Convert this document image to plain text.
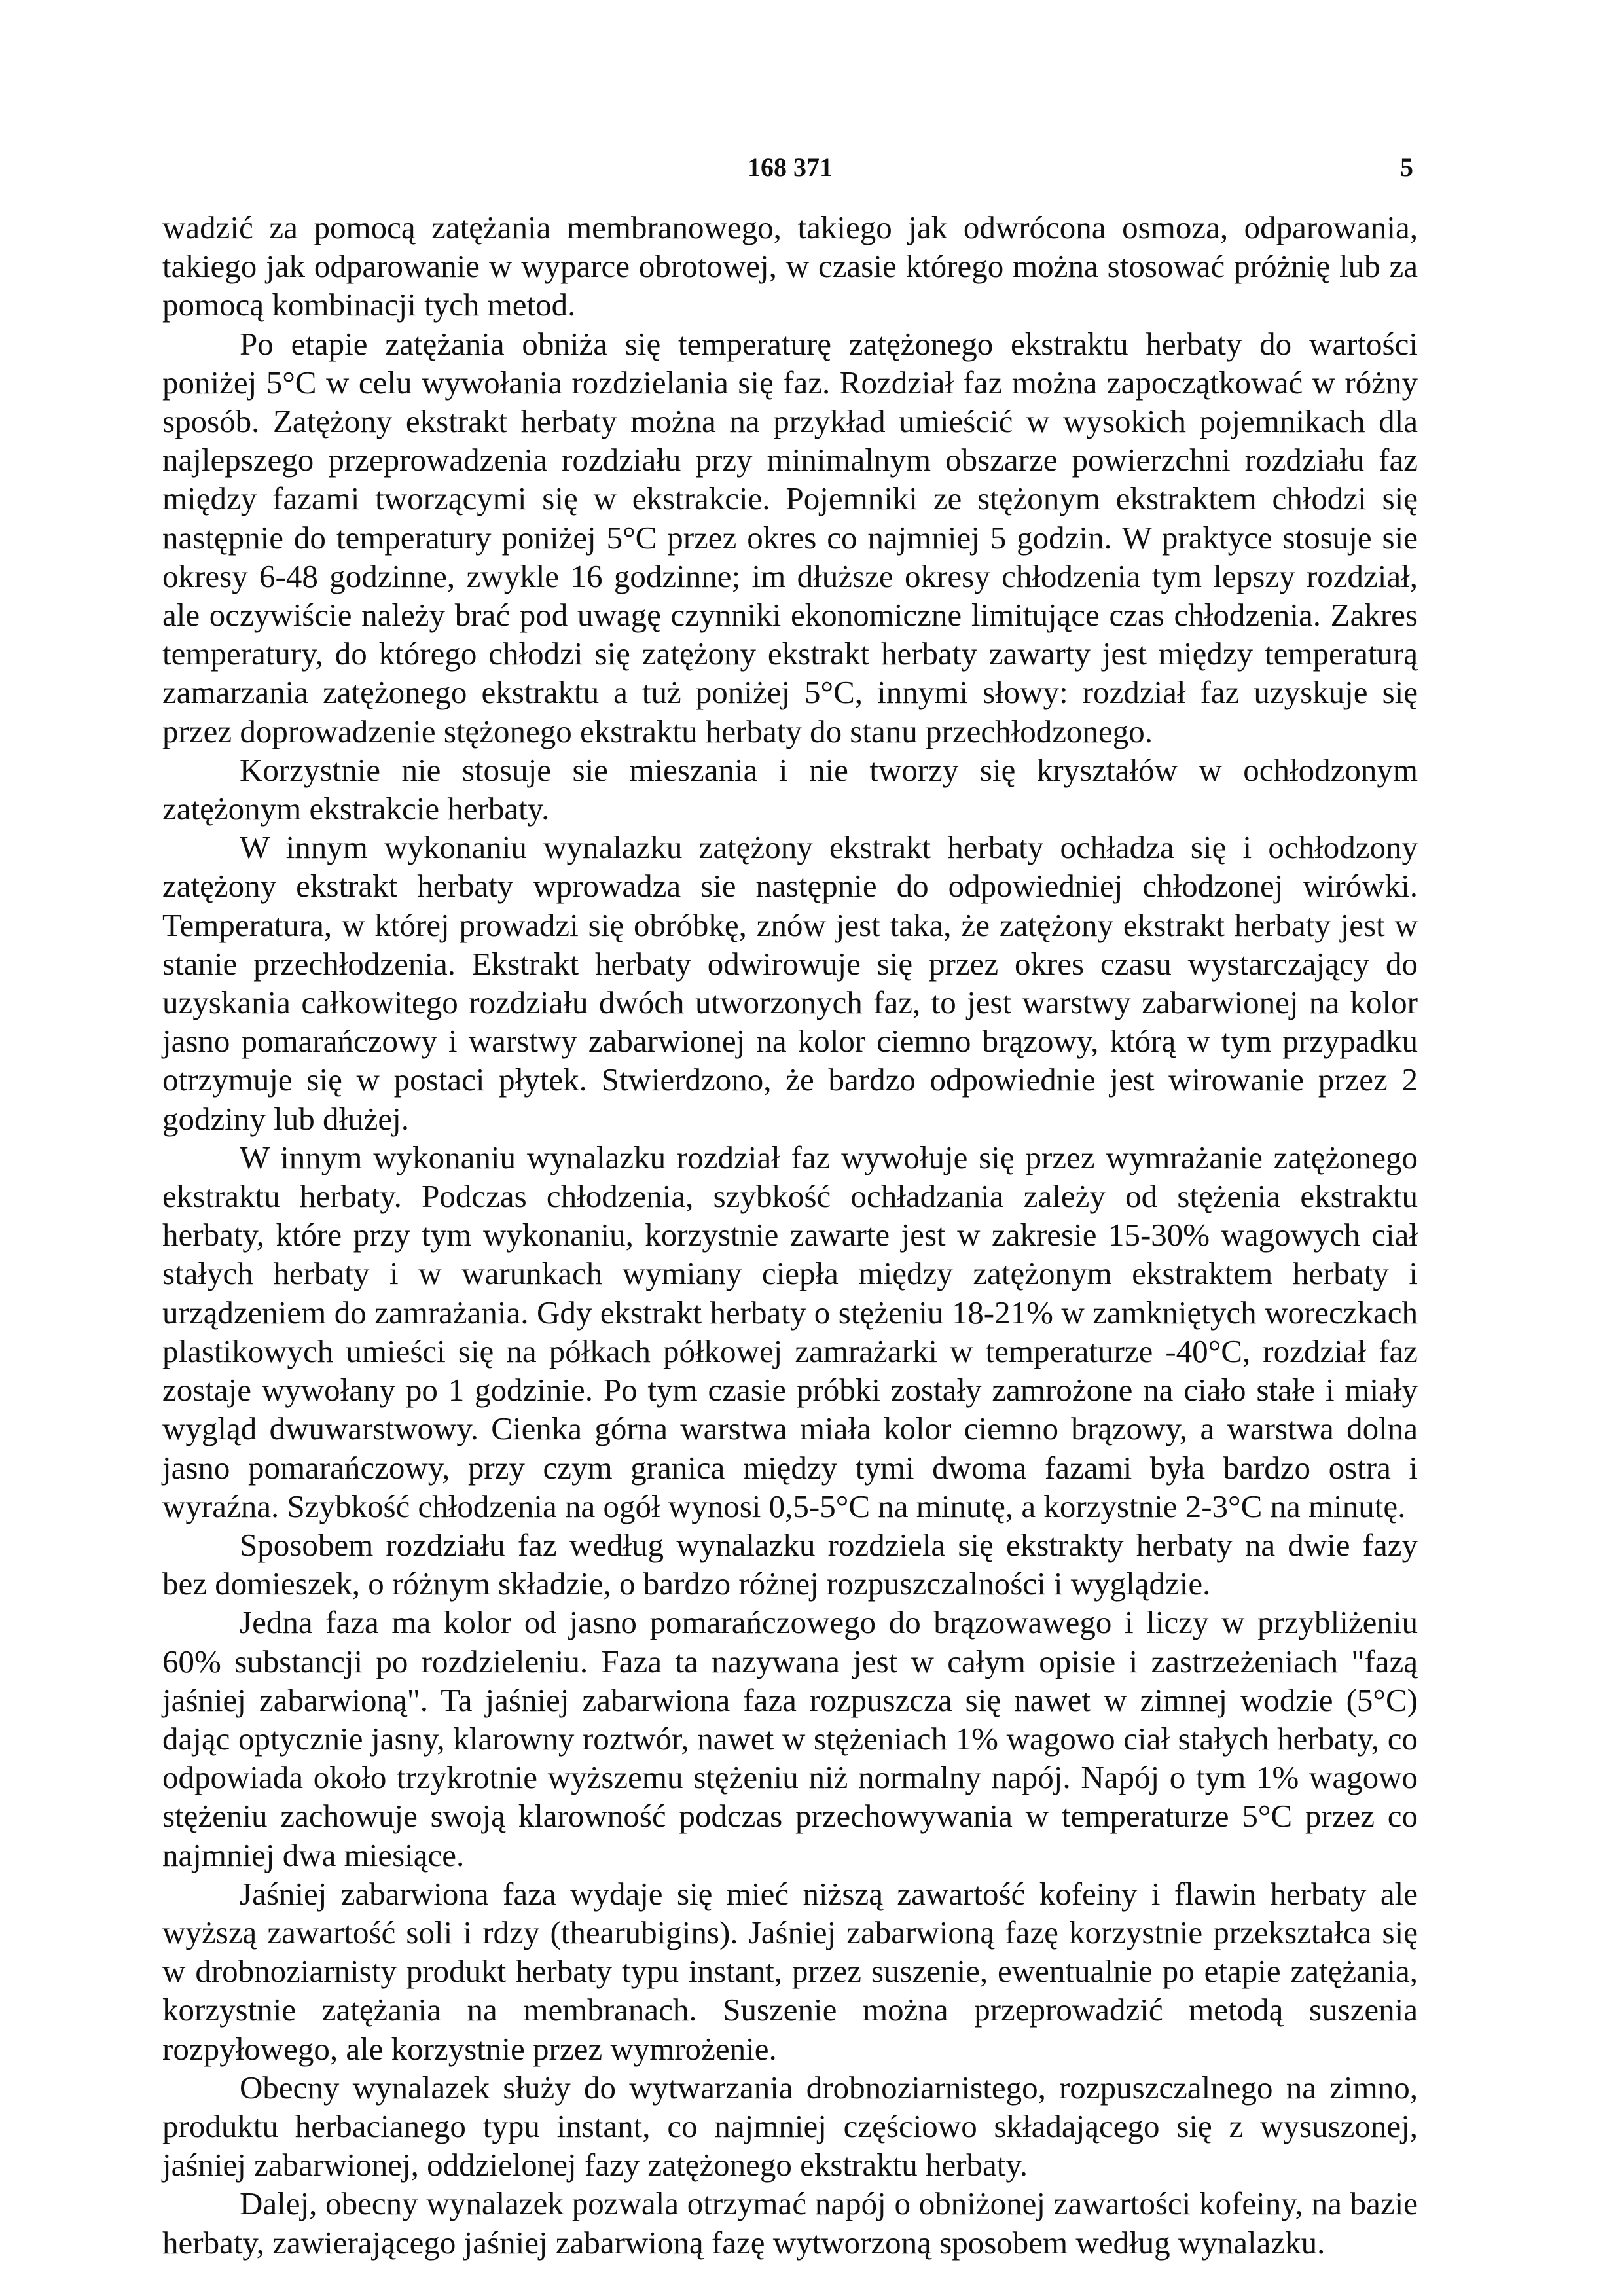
168 371	5

wadzić za pomocą zatężania membranowego, takiego jak odwrócona osmoza, odparowania, takiego jak odparowanie w wyparce obrotowej, w czasie którego można stosować próżnię lub za pomocą kombinacji tych metod.

Po etapie zatężania obniża się temperaturę zatężonego ekstraktu herbaty do wartości poniżej 5°C w celu wywołania rozdzielania się faz. Rozdział faz można zapoczątkować w różny sposób. Zatężony ekstrakt herbaty można na przykład umieścić w wysokich pojemnikach dla najlepszego przeprowadzenia rozdziału przy minimalnym obszarze powierzchni rozdziału faz między fazami tworzącymi się w ekstrakcie. Pojemniki ze stężonym ekstraktem chłodzi się następnie do temperatury poniżej 5°C przez okres co najmniej 5 godzin. W praktyce stosuje sie okresy 6-48 godzinne, zwykle 16 godzinne; im dłuższe okresy chłodzenia tym lepszy rozdział, ale oczywiście należy brać pod uwagę czynniki ekonomiczne limitujące czas chłodzenia. Zakres temperatury, do którego chłodzi się zatężony ekstrakt herbaty zawarty jest między temperaturą zamarzania zatężonego ekstraktu a tuż poniżej 5°C, innymi słowy: rozdział faz uzyskuje się przez doprowadzenie stężonego ekstraktu herbaty do stanu przechłodzonego.

Korzystnie nie stosuje sie mieszania i nie tworzy się kryształów w ochłodzonym zatężonym ekstrakcie herbaty.

W innym wykonaniu wynalazku zatężony ekstrakt herbaty ochładza się i ochłodzony zatężony ekstrakt herbaty wprowadza sie następnie do odpowiedniej chłodzonej wirówki. Temperatura, w której prowadzi się obróbkę, znów jest taka, że zatężony ekstrakt herbaty jest w stanie przechłodzenia. Ekstrakt herbaty odwirowuje się przez okres czasu wystarczający do uzyskania całkowitego rozdziału dwóch utworzonych faz, to jest warstwy zabarwionej na kolor jasno pomarańczowy i warstwy zabarwionej na kolor ciemno brązowy, którą w tym przypadku otrzymuje się w postaci płytek. Stwierdzono, że bardzo odpowiednie jest wirowanie przez 2 godziny lub dłużej.

W innym wykonaniu wynalazku rozdział faz wywołuje się przez wymrażanie zatężonego ekstraktu herbaty. Podczas chłodzenia, szybkość ochładzania zależy od stężenia ekstraktu herbaty, które przy tym wykonaniu, korzystnie zawarte jest w zakresie 15-30% wagowych ciał stałych herbaty i w warunkach wymiany ciepła między zatężonym ekstraktem herbaty i urządzeniem do zamrażania. Gdy ekstrakt herbaty o stężeniu 18-21% w zamkniętych woreczkach plastikowych umieści się na półkach półkowej zamrażarki w temperaturze -40°C, rozdział faz zostaje wywołany po 1 godzinie. Po tym czasie próbki zostały zamrożone na ciało stałe i miały wygląd dwuwarstwowy. Cienka górna warstwa miała kolor ciemno brązowy, a warstwa dolna jasno pomarańczowy, przy czym granica między tymi dwoma fazami była bardzo ostra i wyraźna. Szybkość chłodzenia na ogół wynosi 0,5-5°C na minutę, a korzystnie 2-3°C na minutę.

Sposobem rozdziału faz według wynalazku rozdziela się ekstrakty herbaty na dwie fazy bez domieszek, o różnym składzie, o bardzo różnej rozpuszczalności i wyglądzie.

Jedna faza ma kolor od jasno pomarańczowego do brązowawego i liczy w przybliżeniu 60% substancji po rozdzieleniu. Faza ta nazywana jest w całym opisie i zastrzeżeniach "fazą jaśniej zabarwioną". Ta jaśniej zabarwiona faza rozpuszcza się nawet w zimnej wodzie (5°C) dając optycznie jasny, klarowny roztwór, nawet w stężeniach 1% wagowo ciał stałych herbaty, co odpowiada około trzykrotnie wyższemu stężeniu niż normalny napój. Napój o tym 1% wagowo stężeniu zachowuje swoją klarowność podczas przechowywania w temperaturze 5°C przez co najmniej dwa miesiące.

Jaśniej zabarwiona faza wydaje się mieć niższą zawartość kofeiny i flawin herbaty ale wyższą zawartość soli i rdzy (thearubigins). Jaśniej zabarwioną fazę korzystnie przekształca się w drobnoziarnisty produkt herbaty typu instant, przez suszenie, ewentualnie po etapie zatężania, korzystnie zatężania na membranach. Suszenie można przeprowadzić metodą suszenia rozpyłowego, ale korzystnie przez wymrożenie.

Obecny wynalazek służy do wytwarzania drobnoziarnistego, rozpuszczalnego na zimno, produktu herbacianego typu instant, co najmniej częściowo składającego się z wysuszonej, jaśniej zabarwionej, oddzielonej fazy zatężonego ekstraktu herbaty.

Dalej, obecny wynalazek pozwala otrzymać napój o obniżonej zawartości kofeiny, na bazie herbaty, zawierającego jaśniej zabarwioną fazę wytworzoną sposobem według wynalazku.
